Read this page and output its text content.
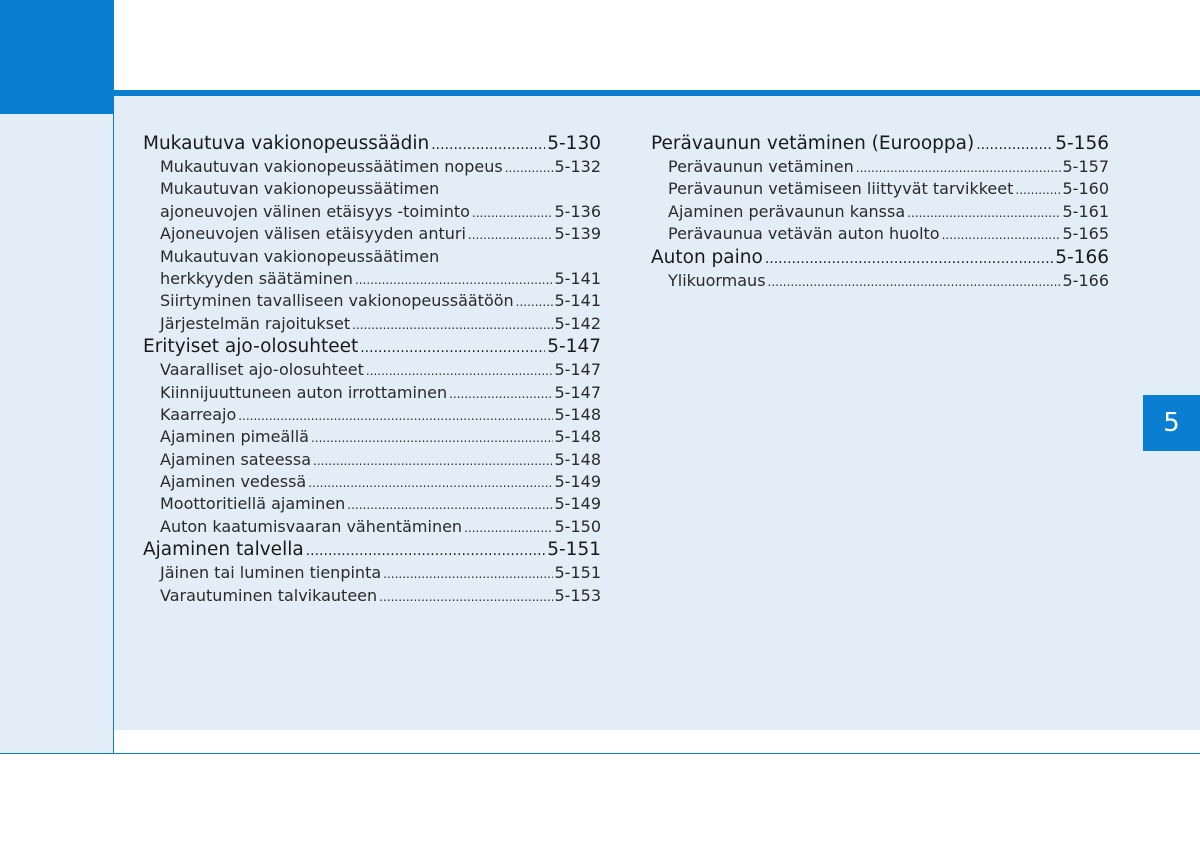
5
Mukautuva vakionopeussäädin .....	5-130
Mukautuvan vakionopeussäätimen nopeus .....	5-132
Mukautuvan vakionopeussäätimen
ajoneuvojen välinen etäisyys -toiminto .....	5-136
Ajoneuvojen välisen etäisyyden anturi .....	5-139
Mukautuvan vakionopeussäätimen
herkkyyden säätäminen .....	5-141
Siirtyminen tavalliseen vakionopeussäätöön .....	5-141
Järjestelmän rajoitukset .....	5-142
Erityiset ajo-olosuhteet .....	5-147
Vaaralliset ajo-olosuhteet .....	5-147
Kiinnijuuttuneen auton irrottaminen .....	5-147
Kaarreajo .....	5-148
Ajaminen pimeällä .....	5-148
Ajaminen sateessa .....	5-148
Ajaminen vedessä .....	5-149
Moottoritiellä ajaminen .....	5-149
Auton kaatumisvaaran vähentäminen .....	5-150
Ajaminen talvella .....	5-151
Jäinen tai luminen tienpinta .....	5-151
Varautuminen talvikauteen .....	5-153
Perävaunun vetäminen (Eurooppa) .....	5-156
Perävaunun vetäminen .....	5-157
Perävaunun vetämiseen liittyvät tarvikkeet .....	5-160
Ajaminen perävaunun kanssa .....	5-161
Perävaunua vetävän auton huolto .....	5-165
Auton paino .....	5-166
Ylikuormaus .....	5-166
